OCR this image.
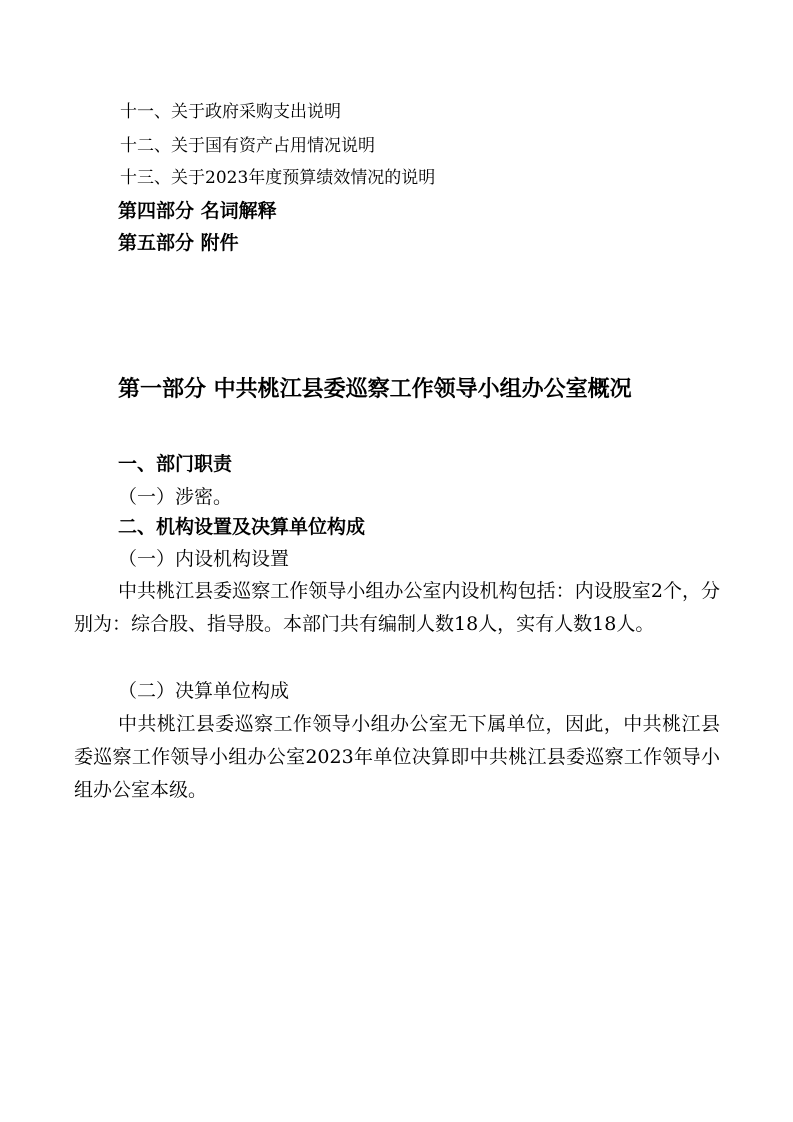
十一、关于政府采购支出说明
十二、关于国有资产占用情况说明
十三、关于2023年度预算绩效情况的说明
第四部分 名词解释
第五部分 附件
第一部分 中共桃江县委巡察工作领导小组办公室概况
一、部门职责
（一）涉密。
二、机构设置及决算单位构成
（一）内设机构设置
中共桃江县委巡察工作领导小组办公室内设机构包括：内设股室2个，分别为：综合股、指导股。本部门共有编制人数18人，实有人数18人。
（二）决算单位构成
中共桃江县委巡察工作领导小组办公室无下属单位，因此，中共桃江县委巡察工作领导小组办公室2023年单位决算即中共桃江县委巡察工作领导小组办公室本级。
